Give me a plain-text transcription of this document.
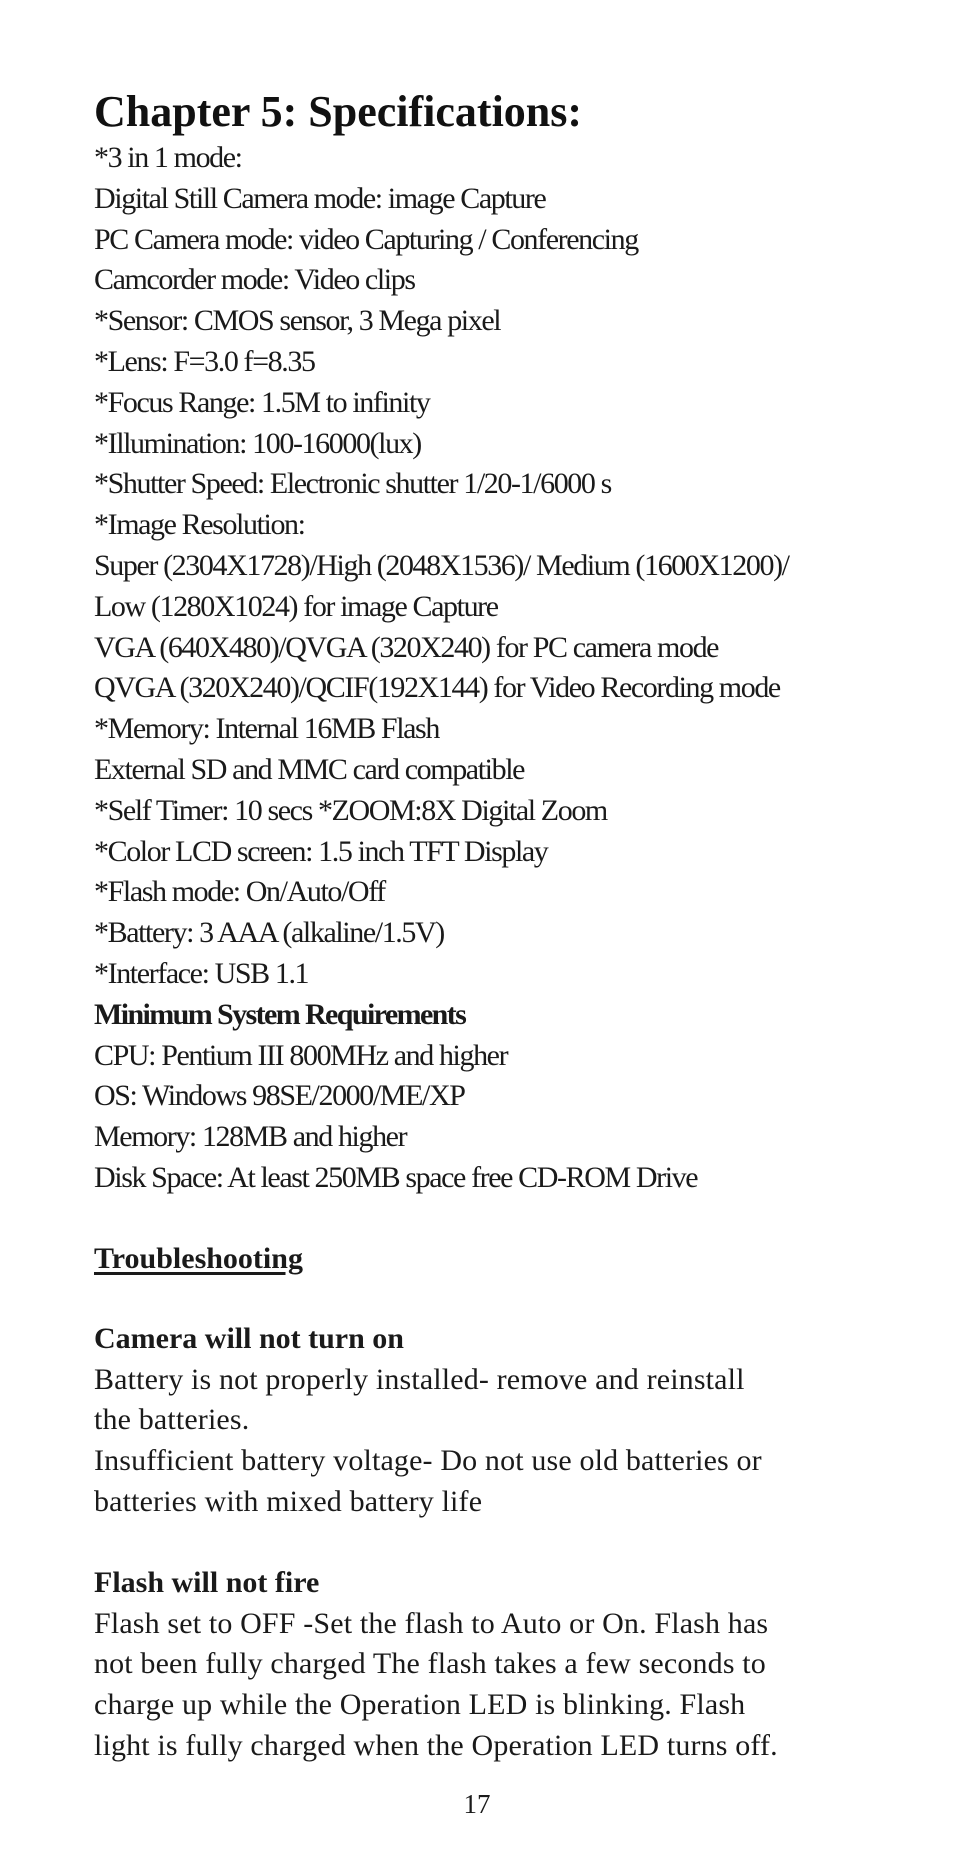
Chapter 5: Specifications:
*3 in 1 mode:
Digital Still Camera mode: image Capture
PC Camera mode: video Capturing / Conferencing
Camcorder mode: Video clips
*Sensor: CMOS sensor, 3 Mega pixel
*Lens: F=3.0 f=8.35
*Focus Range: 1.5M to infinity
*Illumination: 100-16000(lux)
*Shutter Speed: Electronic shutter 1/20-1/6000 s
*Image Resolution:
Super (2304X1728)/High (2048X1536)/ Medium (1600X1200)/
Low (1280X1024) for image Capture
VGA (640X480)/QVGA (320X240) for PC camera mode
QVGA (320X240)/QCIF(192X144) for Video Recording mode
*Memory: Internal 16MB Flash
External SD and MMC card compatible
*Self Timer: 10 secs *ZOOM:8X Digital Zoom
*Color LCD screen: 1.5 inch TFT Display
*Flash mode: On/Auto/Off
*Battery: 3 AAA (alkaline/1.5V)
*Interface: USB 1.1
Minimum System Requirements
CPU: Pentium III 800MHz and higher
OS: Windows 98SE/2000/ME/XP
Memory: 128MB and higher
Disk Space: At least 250MB space free CD-ROM Drive
Troubleshooting
Camera will not turn on
Battery is not properly installed- remove and reinstall
the batteries.
Insufficient battery voltage- Do not use old batteries or
batteries with mixed battery life
Flash will not fire
Flash set to OFF -Set the flash to Auto or On. Flash has
not been fully charged The flash takes a few seconds to
charge up while the Operation LED is blinking. Flash
light is fully charged when the Operation LED turns off.
17
